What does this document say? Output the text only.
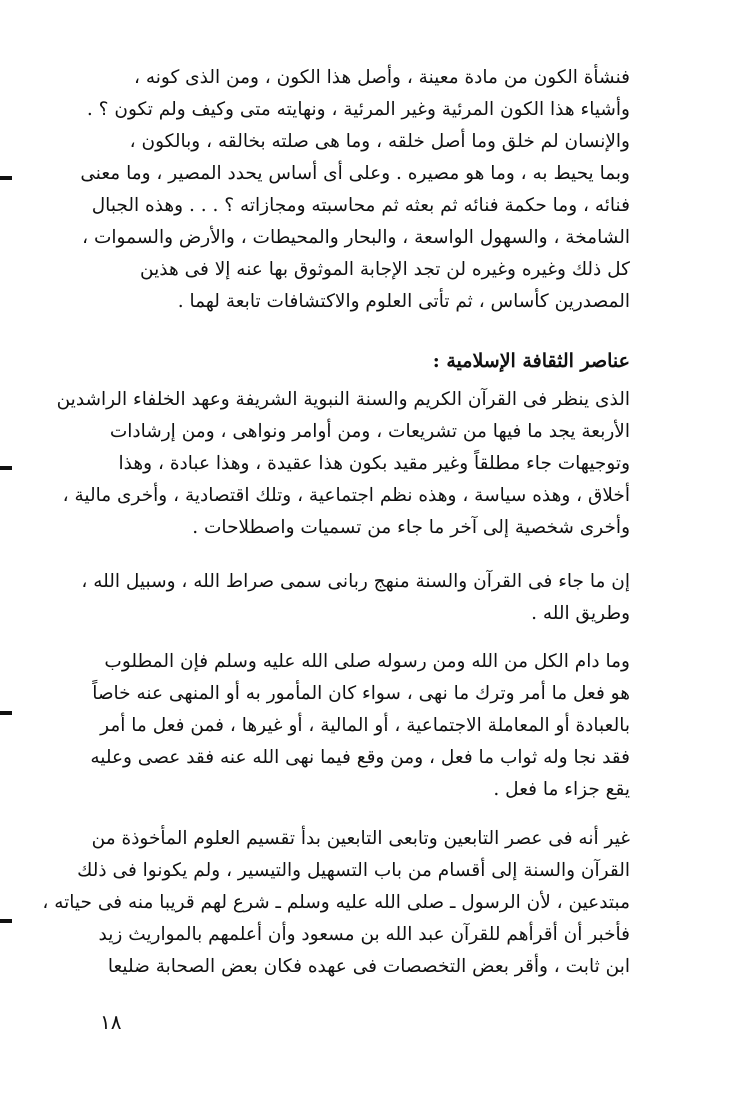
فنشأة الكون من مادة معينة ، وأصل هذا الكون ، ومن الذى كونه ،
وأشياء هذا الكون المرئية وغير المرئية ، ونهايته متى وكيف ولم تكون ؟ .
والإنسان لم خلق وما أصل خلقه ، وما هى صلته بخالقه ، وبالكون ،
وبما يحيط به ، وما هو مصيره . وعلى أى أساس يحدد المصير ، وما معنى
فنائه ، وما حكمة فنائه ثم بعثه ثم محاسبته ومجازاته ؟ . . . وهذه الجبال
الشامخة ، والسهول الواسعة ، والبحار والمحيطات ، والأرض والسموات ،
كل ذلك وغيره وغيره لن تجد الإجابة الموثوق بها عنه إلا فى هذين
المصدرين كأساس ، ثم تأتى العلوم والاكتشافات تابعة لهما .
عناصر الثقافة الإسلامية :
الذى ينظر فى القرآن الكريم والسنة النبوية الشريفة وعهد الخلفاء الراشدين
الأربعة يجد ما فيها من تشريعات ، ومن أوامر ونواهى ، ومن إرشادات
وتوجيهات جاء مطلقاً وغير مقيد بكون هذا عقيدة ، وهذا عبادة ، وهذا
أخلاق ، وهذه سياسة ، وهذه نظم اجتماعية ، وتلك اقتصادية ، وأخرى مالية ،
وأخرى شخصية إلى آخر ما جاء من تسميات واصطلاحات .
إن ما جاء فى القرآن والسنة منهج ربانى سمى صراط الله ، وسبيل الله ،
وطريق الله .
وما دام الكل من الله ومن رسوله صلى الله عليه وسلم فإن المطلوب
هو فعل ما أمر وترك ما نهى ، سواء كان المأمور به أو المنهى عنه خاصاً
بالعبادة أو المعاملة الاجتماعية ، أو المالية ، أو غيرها ، فمن فعل ما أمر
فقد نجا وله ثواب ما فعل ، ومن وقع فيما نهى الله عنه فقد عصى وعليه
يقع جزاء ما فعل .
غير أنه فى عصر التابعين وتابعى التابعين بدأ تقسيم العلوم المأخوذة من
القرآن والسنة إلى أقسام من باب التسهيل والتيسير ، ولم يكونوا فى ذلك
مبتدعين ، لأن الرسول ـ صلى الله عليه وسلم ـ شرع لهم قريبا منه فى حياته ،
فأخبر أن أقرأهم للقرآن عبد الله بن مسعود وأن أعلمهم بالمواريث زيد
ابن ثابت ، وأقر بعض التخصصات فى عهده فكان بعض الصحابة ضليعا
١٨
